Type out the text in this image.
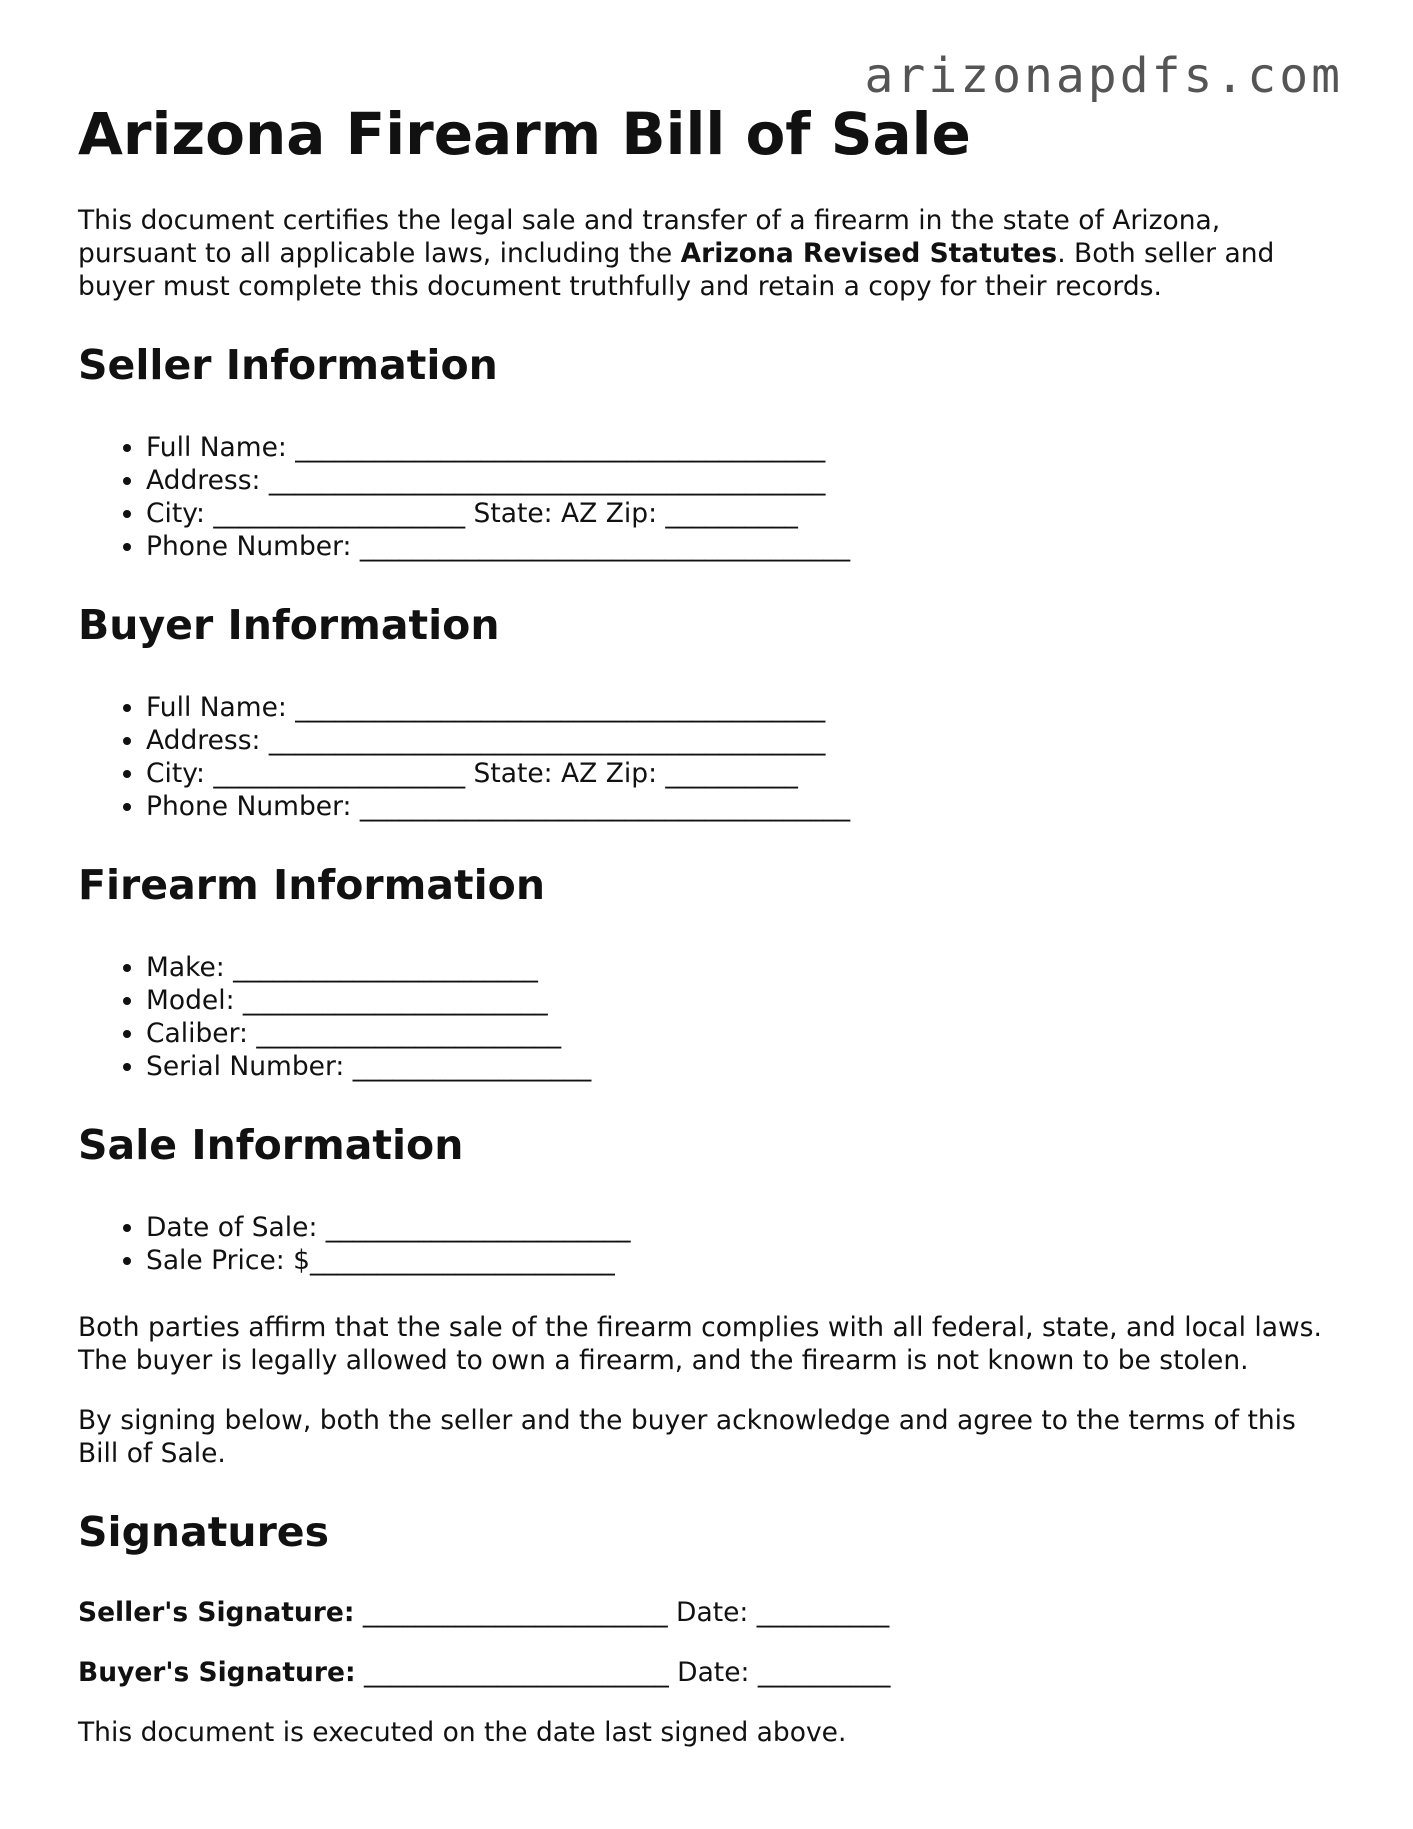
arizonapdfs.com
Arizona Firearm Bill of Sale

This document certifies the legal sale and transfer of a firearm in the state of Arizona, pursuant to all applicable laws, including the Arizona Revised Statutes. Both seller and buyer must complete this document truthfully and retain a copy for their records.

Seller Information
• Full Name: ________________________________________
• Address: __________________________________________
• City: ___________________ State: AZ Zip: __________
• Phone Number: _____________________________________
Buyer Information
• Full Name: ________________________________________
• Address: __________________________________________
• City: ___________________ State: AZ Zip: __________
• Phone Number: _____________________________________
Firearm Information
• Make: _______________________
• Model: _______________________
• Caliber: _______________________
• Serial Number: __________________
Sale Information
• Date of Sale: _______________________
• Sale Price: $_______________________

Both parties affirm that the sale of the firearm complies with all federal, state, and local laws. The buyer is legally allowed to own a firearm, and the firearm is not known to be stolen.

By signing below, both the seller and the buyer acknowledge and agree to the terms of this Bill of Sale.

Signatures

Seller's Signature: _______________________ Date: __________

Buyer's Signature: _______________________ Date: __________

This document is executed on the date last signed above.
